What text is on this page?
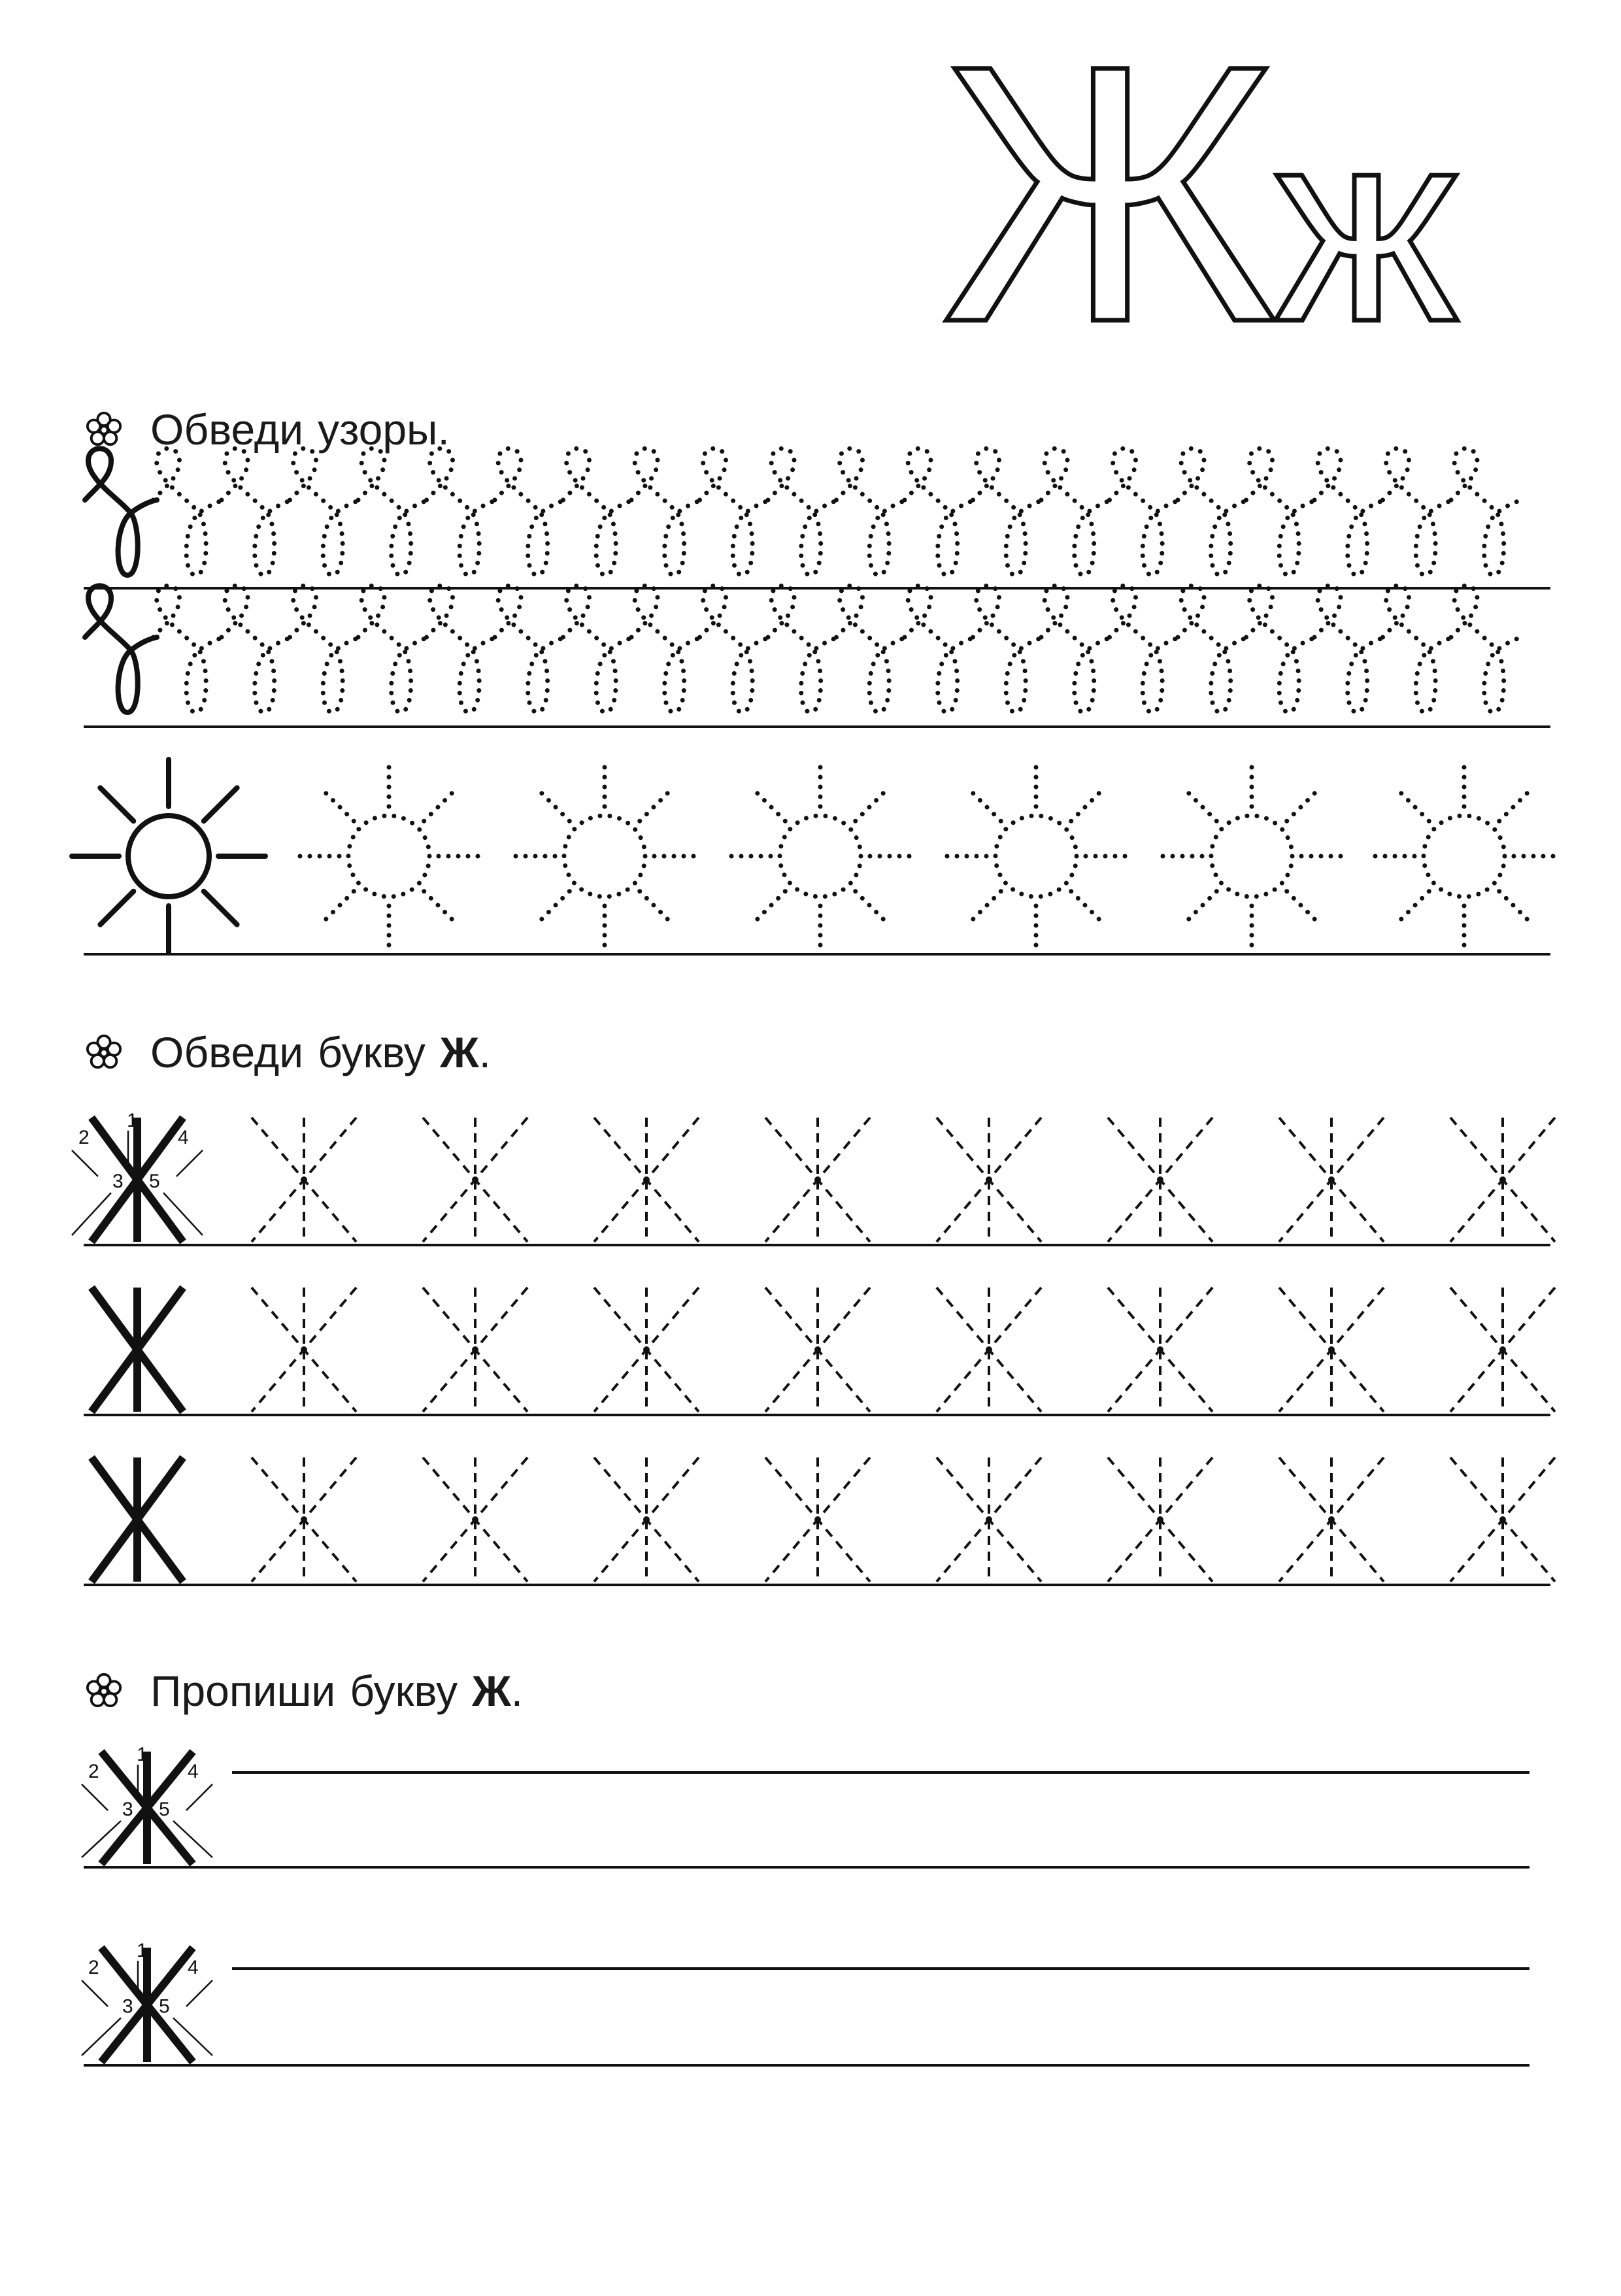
Ж
ж
1
2
3
4
5
1
2
3
4
5
1
2
3
4
5
Обведи узоры.
Обведи букву Ж .
Пропиши букву Ж .
